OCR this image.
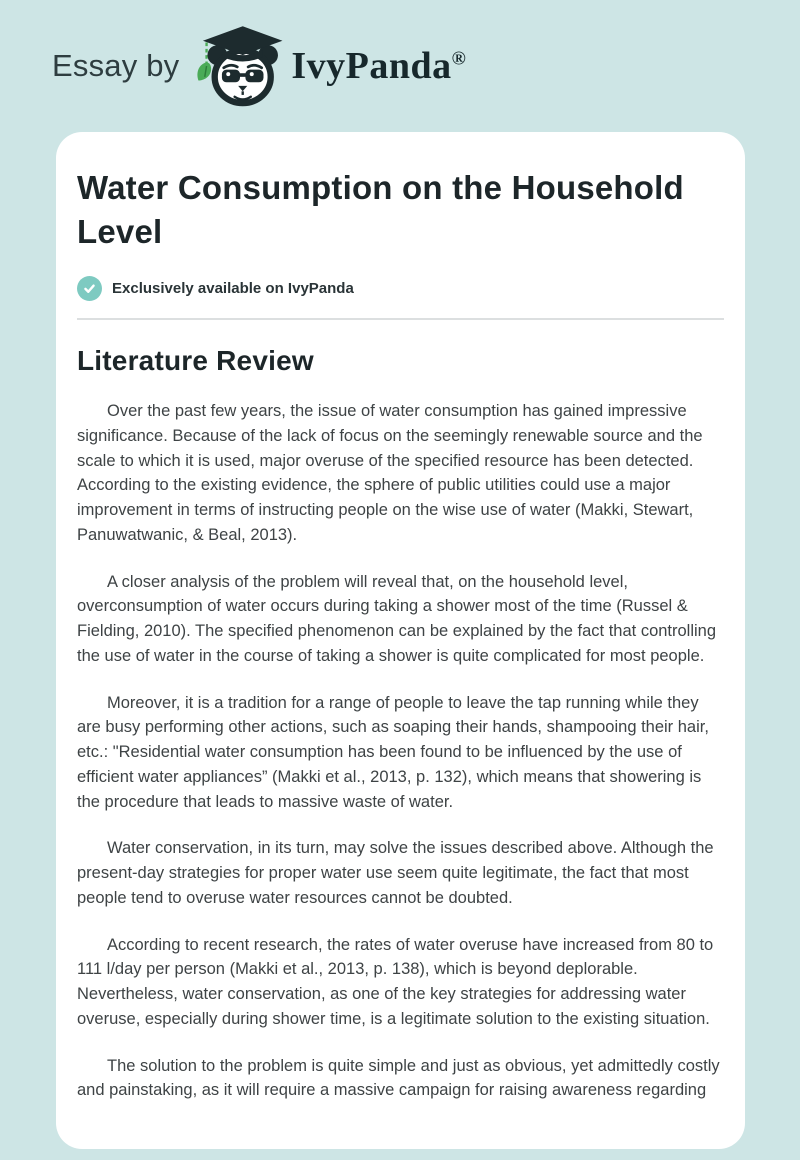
Essay by	IvyPanda®
Water Consumption on the Household Level
Exclusively available on IvyPanda
Literature Review

Over the past few years, the issue of water consumption has gained impressive significance. Because of the lack of focus on the seemingly renewable source and the scale to which it is used, major overuse of the specified resource has been detected. According to the existing evidence, the sphere of public utilities could use a major improvement in terms of instructing people on the wise use of water (Makki, Stewart, Panuwatwanic, & Beal, 2013).

A closer analysis of the problem will reveal that, on the household level, overconsumption of water occurs during taking a shower most of the time (Russel & Fielding, 2010). The specified phenomenon can be explained by the fact that controlling the use of water in the course of taking a shower is quite complicated for most people.

Moreover, it is a tradition for a range of people to leave the tap running while they are busy performing other actions, such as soaping their hands, shampooing their hair, etc.: "Residential water consumption has been found to be influenced by the use of efficient water appliances” (Makki et al., 2013, p. 132), which means that showering is the procedure that leads to massive waste of water.

Water conservation, in its turn, may solve the issues described above. Although the present-day strategies for proper water use seem quite legitimate, the fact that most people tend to overuse water resources cannot be doubted.

According to recent research, the rates of water overuse have increased from 80 to 111 l/day per person (Makki et al., 2013, p. 138), which is beyond deplorable. Nevertheless, water conservation, as one of the key strategies for addressing water overuse, especially during shower time, is a legitimate solution to the existing situation.

The solution to the problem is quite simple and just as obvious, yet admittedly costly and painstaking, as it will require a massive campaign for raising awareness regarding
